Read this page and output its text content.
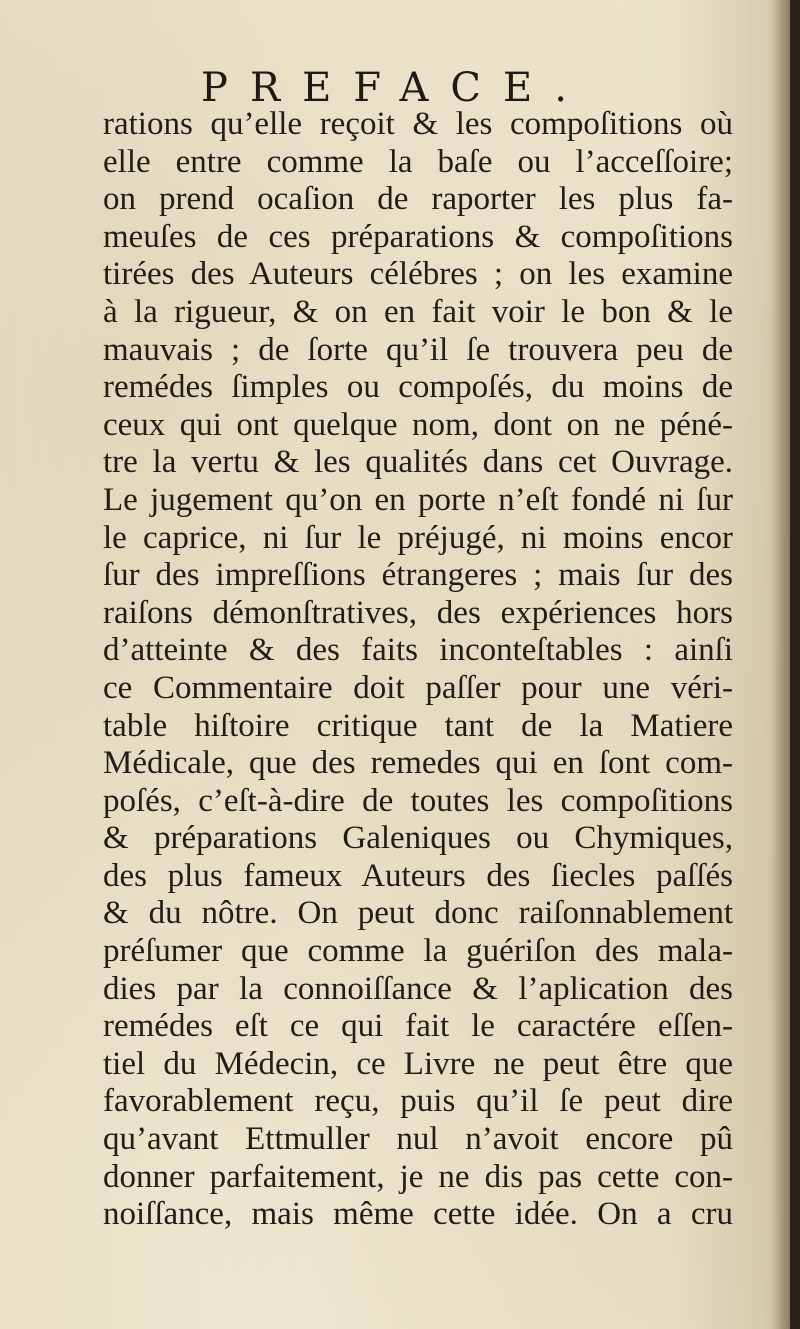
PREFACE.
rations qu’elle reçoit & les compoſitions où
elle entre comme la baſe ou l’acceſſoire;
on prend ocaſion de raporter les plus fa-
meuſes de ces préparations & compoſitions
tirées des Auteurs célébres ; on les examine
à la rigueur, & on en fait voir le bon & le
mauvais ; de ſorte qu’il ſe trouvera peu de
remédes ſimples ou compoſés, du moins de
ceux qui ont quelque nom, dont on ne péné-
tre la vertu & les qualités dans cet Ouvrage.
Le jugement qu’on en porte n’eſt fondé ni ſur
le caprice, ni ſur le préjugé, ni moins encor
ſur des impreſſions étrangeres ; mais ſur des
raiſons démonſtratives, des expériences hors
d’atteinte & des faits inconteſtables : ainſi
ce Commentaire doit paſſer pour une véri-
table hiſtoire critique tant de la Matiere
Médicale, que des remedes qui en ſont com-
poſés, c’eſt-à-dire de toutes les compoſitions
& préparations Galeniques ou Chymiques,
des plus fameux Auteurs des ſiecles paſſés
& du nôtre. On peut donc raiſonnablement
préſumer que comme la guériſon des mala-
dies par la connoiſſance & l’aplication des
remédes eſt ce qui fait le caractére eſſen-
tiel du Médecin, ce Livre ne peut être que
favorablement reçu, puis qu’il ſe peut dire
qu’avant Ettmuller nul n’avoit encore pû
donner parfaitement, je ne dis pas cette con-
noiſſance, mais même cette idée. On a cru
